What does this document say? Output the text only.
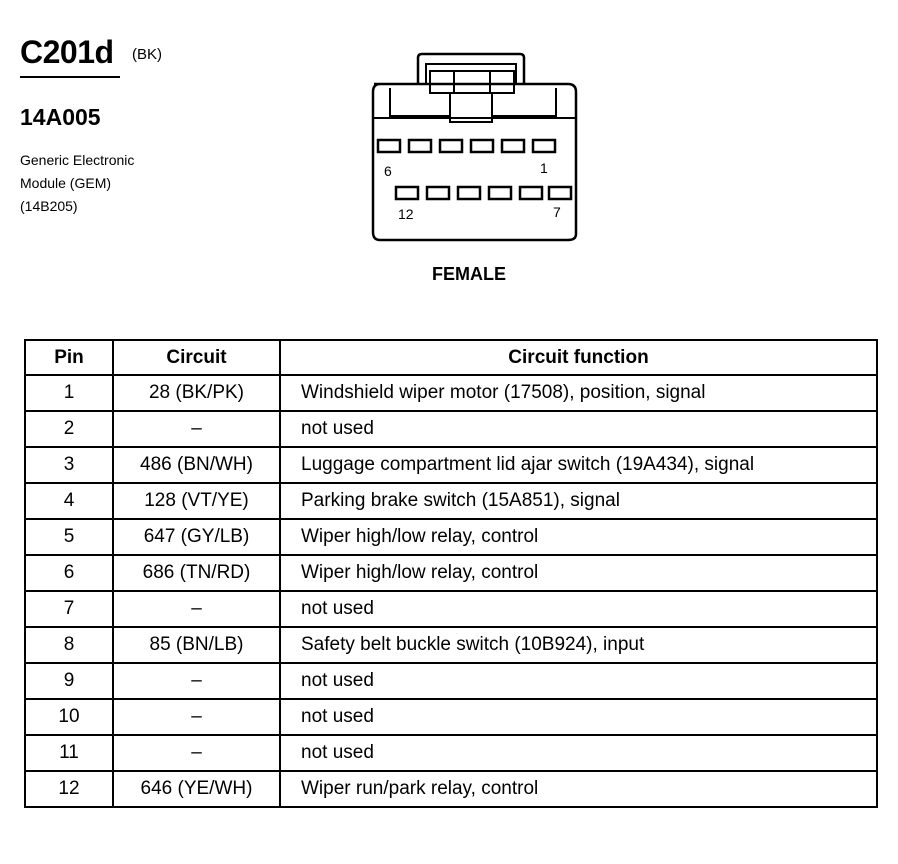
C201d (BK)
14A005
Generic Electronic
Module (GEM)
(14B205)
6	1
12	7
FEMALE
Pin	Circuit	Circuit function
1	28 (BK/PK)	Windshield wiper motor (17508), position, signal
2	–	not used
3	486 (BN/WH)	Luggage compartment lid ajar switch (19A434), signal
4	128 (VT/YE)	Parking brake switch (15A851), signal
5	647 (GY/LB)	Wiper high/low relay, control
6	686 (TN/RD)	Wiper high/low relay, control
7	–	not used
8	85 (BN/LB)	Safety belt buckle switch (10B924), input
9	–	not used
10	–	not used
11	–	not used
12	646 (YE/WH)	Wiper run/park relay, control
